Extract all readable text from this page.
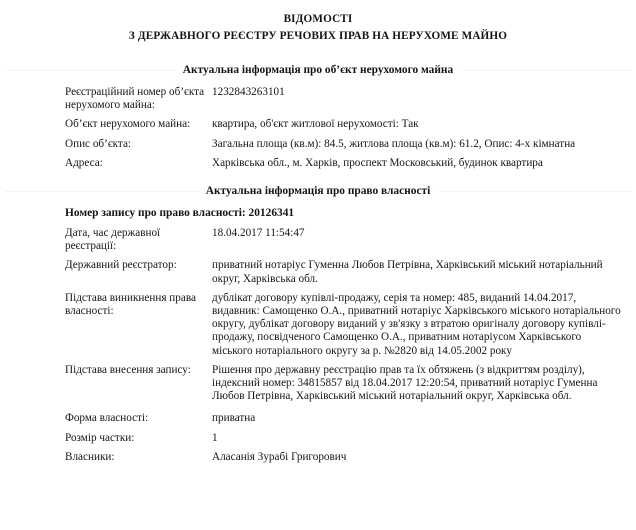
ВІДОМОСТІ
З ДЕРЖАВНОГО РЕЄСТРУ РЕЧОВИХ ПРАВ НА НЕРУХОМЕ МАЙНО
Актуальна інформація про об’єкт нерухомого майна
Реєстраційний номер об’єкта нерухомого майна:
1232843263101
Об’єкт нерухомого майна:	квартира, об'єкт житлової нерухомості: Так
Опис об’єкта:	Загальна площа (кв.м): 84.5, житлова площа (кв.м): 61.2, Опис: 4-х кімнатна
Адреса:	Харківська обл., м. Харків, проспект Московський, будинок квартира
Актуальна інформація про право власності
Номер запису про право власності: 20126341
Дата, час державної реєстрації:
18.04.2017 11:54:47
Державний реєстратор:	приватний нотаріус Гуменна Любов Петрівна, Харківський міський нотаріальний округ, Харківська обл.
Підстава виникнення права власності:
дублікат договору купівлі-продажу, серія та номер: 485, виданий 14.04.2017, видавник: Самощенко О.А., приватний нотаріус Харківського міського нотаріального округу, дублікат договору виданий у зв'язку з втратою оригіналу договору купівлі-продажу, посвідченого Самощенко О.А., приватним нотаріусом Харківського міського нотаріального округу за р. №2820 від 14.05.2002 року
Підстава внесення запису:	Рішення про державну реєстрацію прав та їх обтяжень (з відкриттям розділу), індексний номер: 34815857 від 18.04.2017 12:20:54, приватний нотаріус Гуменна Любов Петрівна, Харківський міський нотаріальний округ, Харківська обл.
Форма власності:	приватна
Розмір частки:	1
Власники:	Аласанія Зурабі Григорович
